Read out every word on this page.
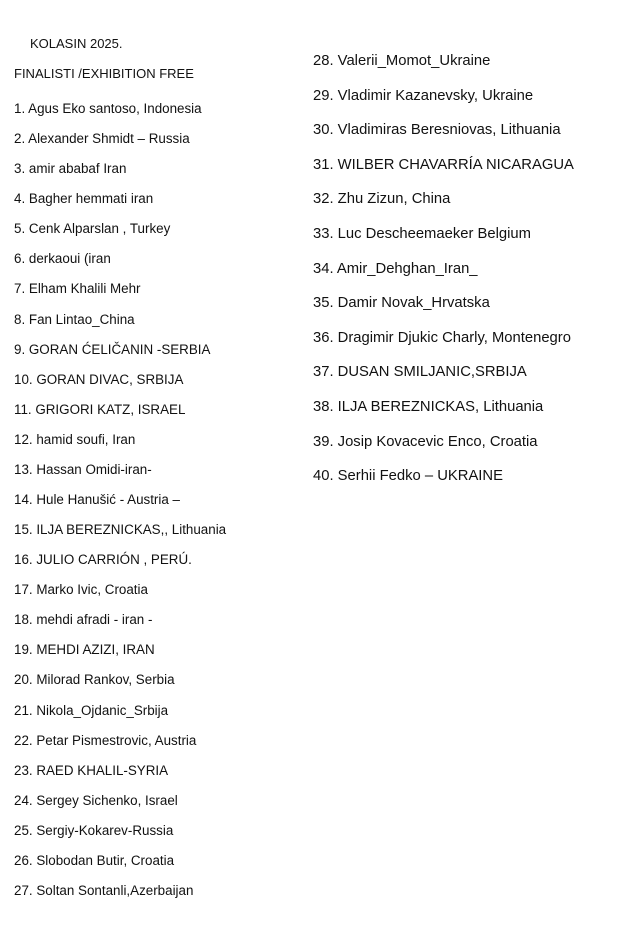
KOLASIN 2025.
FINALISTI /EXHIBITION FREE
1. Agus Eko santoso, Indonesia
2. Alexander Shmidt – Russia
3. amir ababaf Iran
4. Bagher hemmati iran
5. Cenk Alparslan , Turkey
6. derkaoui (iran
7. Elham Khalili Mehr
8. Fan Lintao_China
9. GORAN ĆELIČANIN -SERBIA
10. GORAN DIVAC, SRBIJA
11. GRIGORI KATZ, ISRAEL
12. hamid soufi, Iran
13. Hassan Omidi-iran-
14. Hule Hanušić - Austria –
15. ILJA BEREZNICKAS,, Lithuania
16. JULIO CARRIÓN , PERÚ.
17. Marko Ivic, Croatia
18. mehdi afradi - iran -
19. MEHDI AZIZI, IRAN
20. Milorad Rankov, Serbia
21. Nikola_Ojdanic_Srbija
22. Petar Pismestrovic, Austria
23. RAED KHALIL-SYRIA
24. Sergey Sichenko, Israel
25. Sergiy-Kokarev-Russia
26. Slobodan Butir, Croatia
27. Soltan Sontanli,Azerbaijan
28. Valerii_Momot_Ukraine
29. Vladimir Kazanevsky, Ukraine
30. Vladimiras Beresniovas, Lithuania
31. WILBER CHAVARRÍA NICARAGUA
32. Zhu Zizun, China
33. Luc Descheemaeker Belgium
34. Amir_Dehghan_Iran_
35. Damir Novak_Hrvatska
36. Dragimir Djukic Charly, Montenegro
37. DUSAN SMILJANIC,SRBIJA
38. ILJA BEREZNICKAS, Lithuania
39. Josip Kovacevic Enco, Croatia
40. Serhii Fedko – UKRAINE
